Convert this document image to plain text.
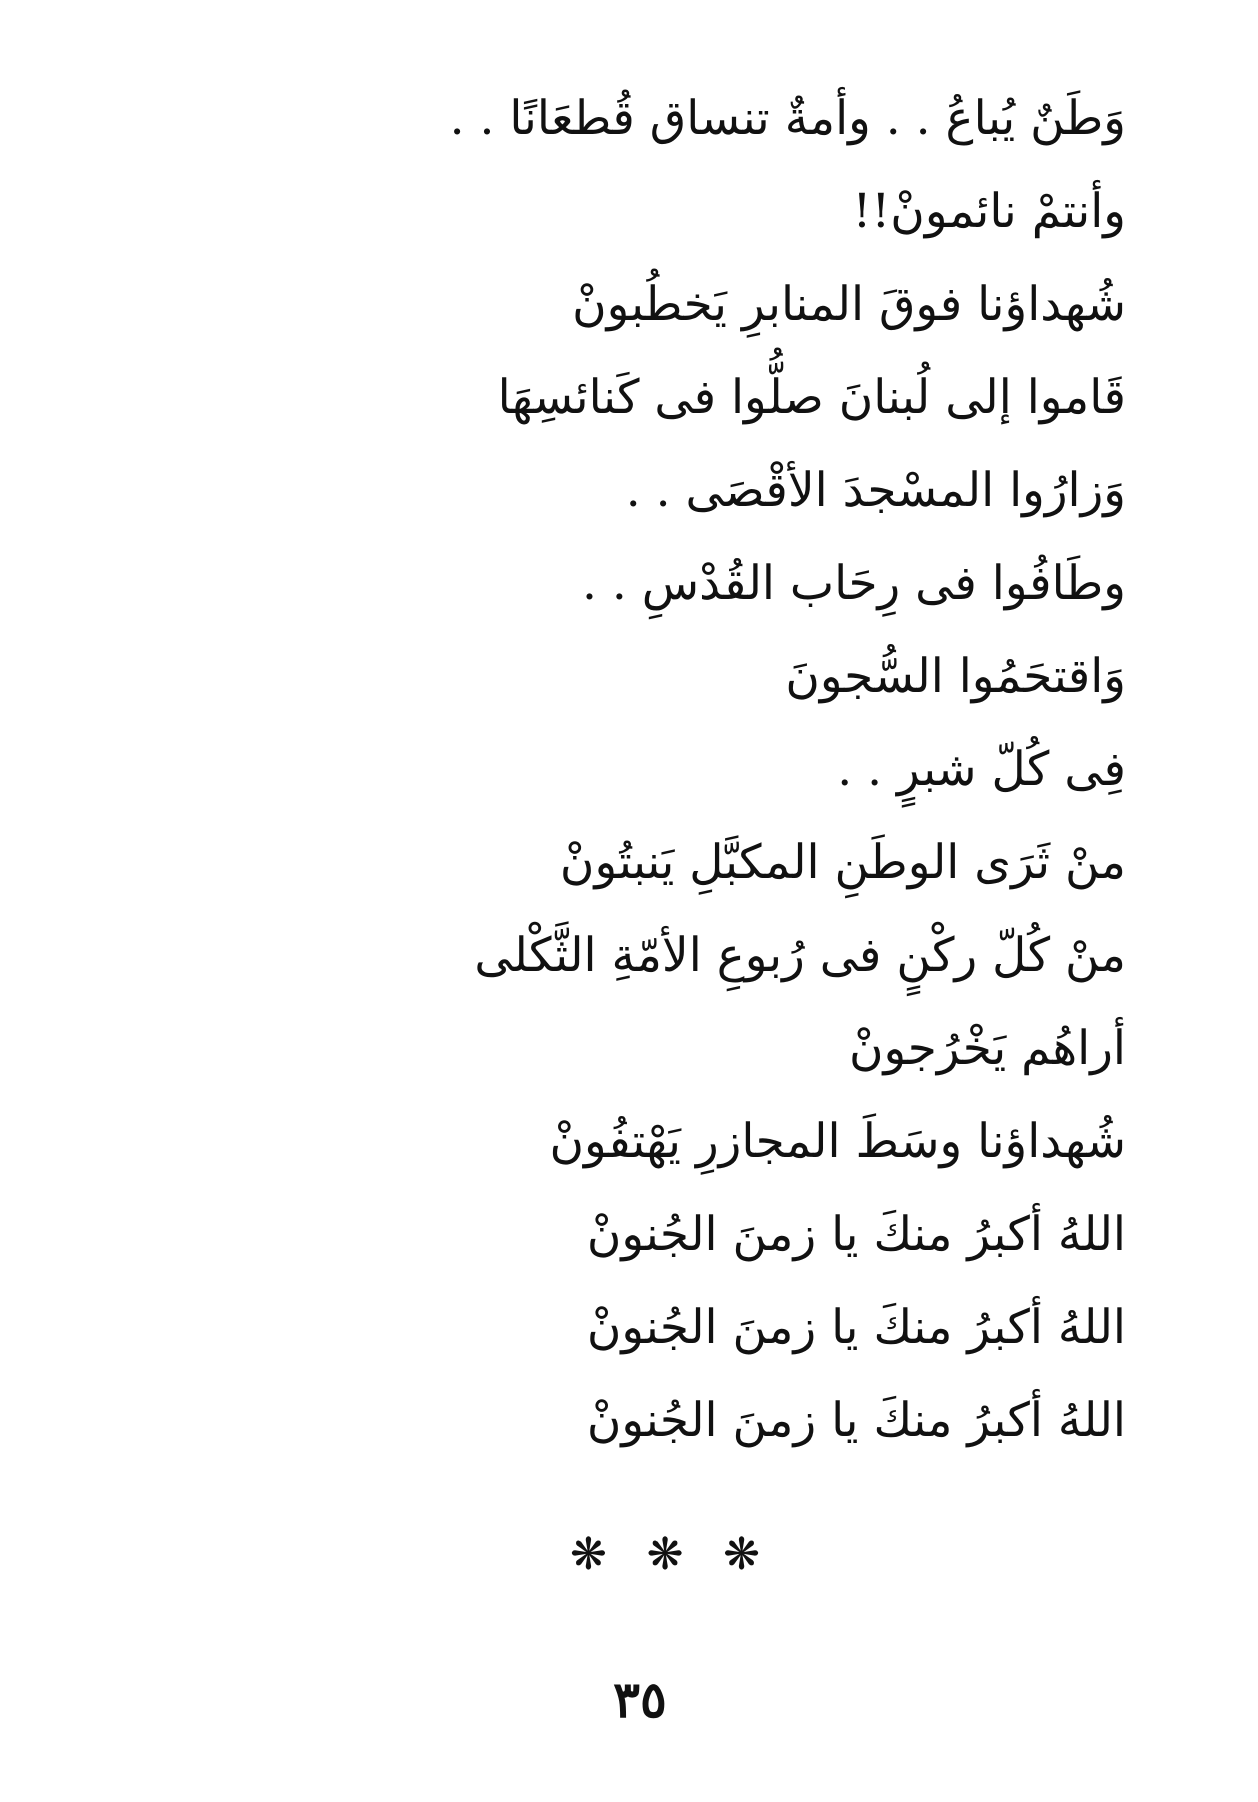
وَطَنٌ يُباعُ . . وأمةٌ تنساق قُطعَانًا . .
وأنتمْ نائمونْ!!
شُهداؤنا فوقَ المنابرِ يَخطُبونْ
قَاموا إلى لُبنانَ صلُّوا فى كَنائسِهَا
وَزارُوا المسْجدَ الأقْصَى . .
وطَافُوا فى رِحَاب القُدْسِ . .
وَاقتحَمُوا السُّجونَ
فِى كُلّ شبرٍ . .
منْ ثَرَى الوطَنِ المكبَّلِ يَنبتُونْ
منْ كُلّ ركْنٍ فى رُبوعِ الأمّةِ الثَّكْلى
أراهُم يَخْرُجونْ
شُهداؤنا وسَطَ المجازرِ يَهْتفُونْ
اللهُ أكبرُ منكَ يا زمنَ الجُنونْ
اللهُ أكبرُ منكَ يا زمنَ الجُنونْ
اللهُ أكبرُ منكَ يا زمنَ الجُنونْ
❋ ❋ ❋
٣٥
